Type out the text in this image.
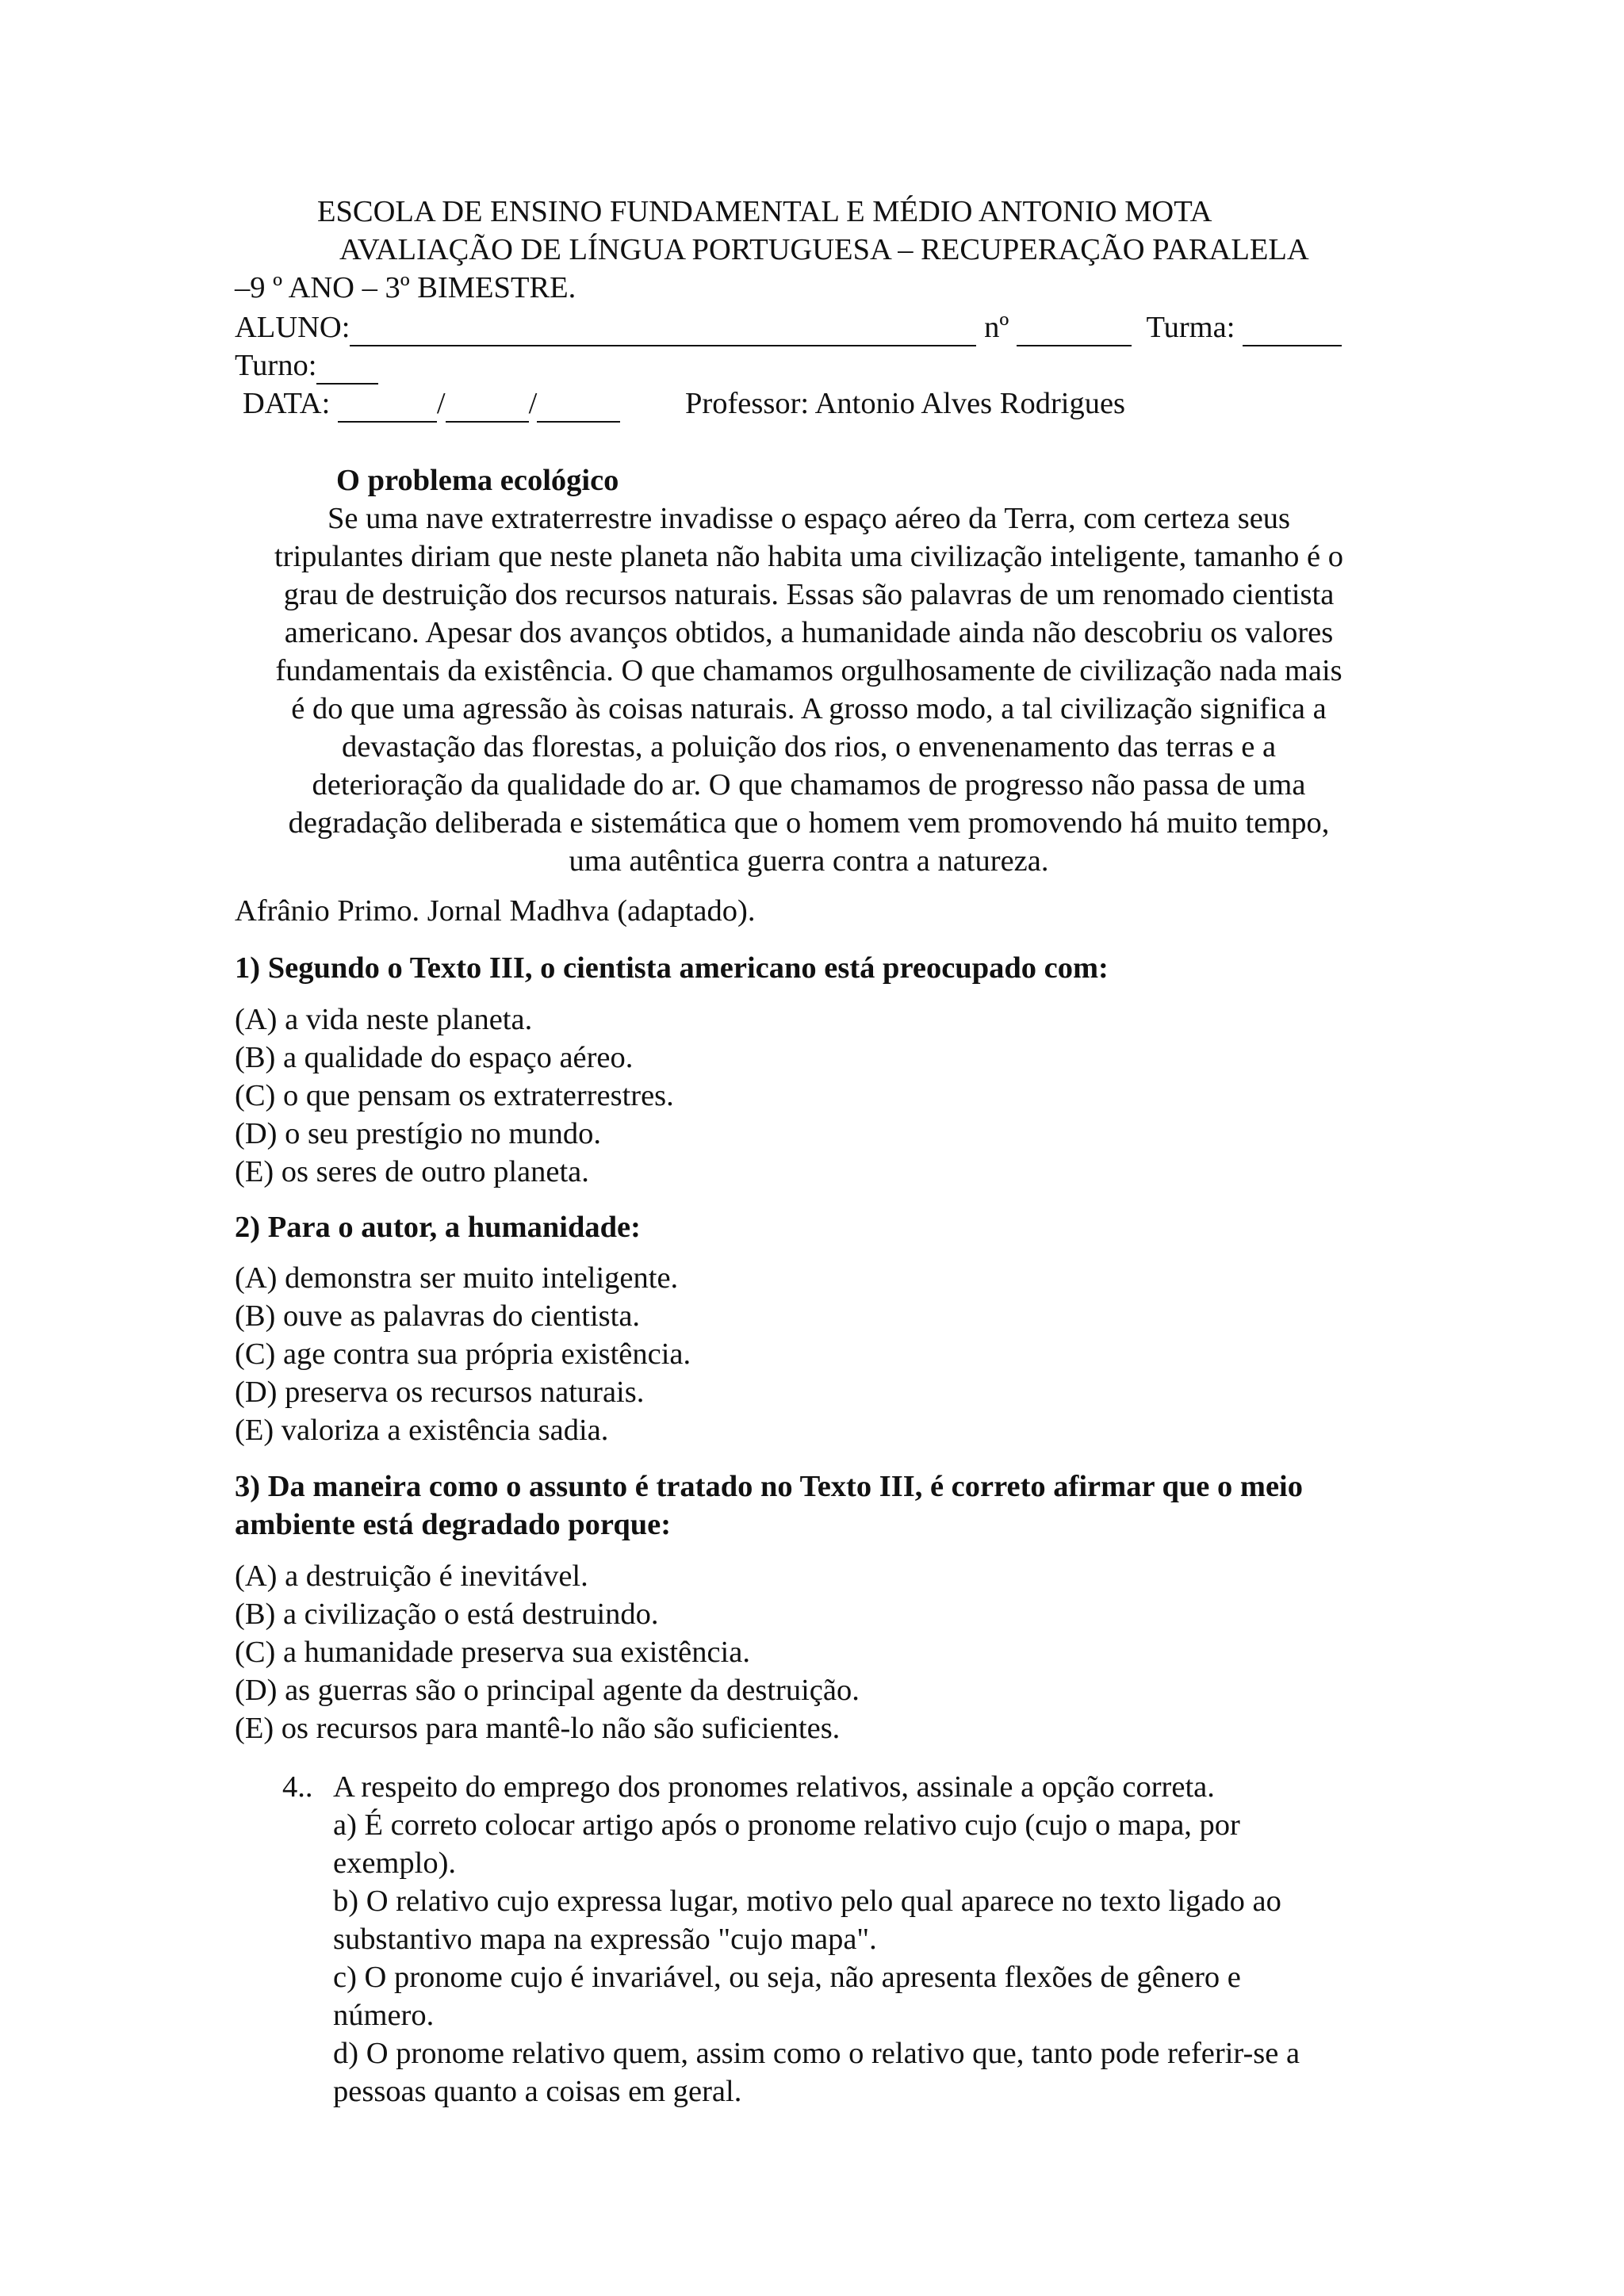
ESCOLA DE ENSINO FUNDAMENTAL E MÉDIO ANTONIO MOTA

AVALIAÇÃO DE LÍNGUA PORTUGUESA – RECUPERAÇÃO PARALELA

–9 º ANO – 3º BIMESTRE.

ALUNO:	nº	Turma:

Turno:

DATA:	/	/	Professor: Antonio Alves Rodrigues

O problema ecológico

Se uma nave extraterrestre invadisse o espaço aéreo da Terra, com certeza seus

tripulantes diriam que neste planeta não habita uma civilização inteligente, tamanho é o

grau de destruição dos recursos naturais. Essas são palavras de um renomado cientista

americano. Apesar dos avanços obtidos, a humanidade ainda não descobriu os valores

fundamentais da existência. O que chamamos orgulhosamente de civilização nada mais

é do que uma agressão às coisas naturais. A grosso modo, a tal civilização significa a

devastação das florestas, a poluição dos rios, o envenenamento das terras e a

deterioração da qualidade do ar. O que chamamos de progresso não passa de uma

degradação deliberada e sistemática que o homem vem promovendo há muito tempo,

uma autêntica guerra contra a natureza.

Afrânio Primo. Jornal Madhva (adaptado).

1) Segundo o Texto III, o cientista americano está preocupado com:

(A) a vida neste planeta.
(B) a qualidade do espaço aéreo.
(C) o que pensam os extraterrestres.
(D) o seu prestígio no mundo.
(E) os seres de outro planeta.

2) Para o autor, a humanidade:

(A) demonstra ser muito inteligente.
(B) ouve as palavras do cientista.
(C) age contra sua própria existência.
(D) preserva os recursos naturais.
(E) valoriza a existência sadia.

3) Da maneira como o assunto é tratado no Texto III, é correto afirmar que o meio

ambiente está degradado porque:

(A) a destruição é inevitável.
(B) a civilização o está destruindo.
(C) a humanidade preserva sua existência.
(D) as guerras são o principal agente da destruição.
(E) os recursos para mantê-lo não são suficientes.

4.. A respeito do emprego dos pronomes relativos, assinale a opção correta.

a) É correto colocar artigo após o pronome relativo cujo (cujo o mapa, por

exemplo).

b) O relativo cujo expressa lugar, motivo pelo qual aparece no texto ligado ao

substantivo mapa na expressão "cujo mapa".

c) O pronome cujo é invariável, ou seja, não apresenta flexões de gênero e

número.

d) O pronome relativo quem, assim como o relativo que, tanto pode referir-se a

pessoas quanto a coisas em geral.
